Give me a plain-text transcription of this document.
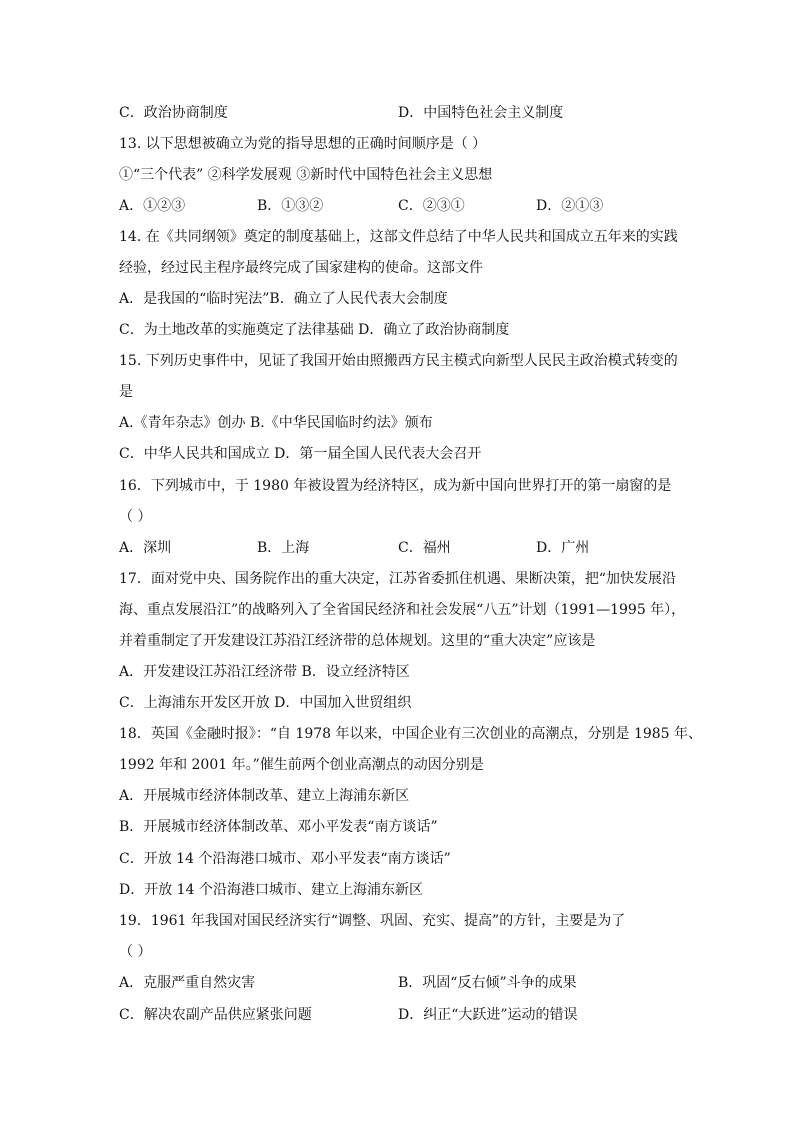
C．政治协商制度	D．中国特色社会主义制度
13. 以下思想被确立为党的指导思想的正确时间顺序是（ ）
①“三个代表” ②科学发展观 ③新时代中国特色社会主义思想
A．①②③	B．①③②	C．②③①	D．②①③
14. 在《共同纲领》奠定的制度基础上，这部文件总结了中华人民共和国成立五年来的实践
经验，经过民主程序最终完成了国家建构的使命。这部文件
A．是我国的“临时宪法”B．确立了人民代表大会制度
C．为土地改革的实施奠定了法律基础 D．确立了政治协商制度
15. 下列历史事件中，见证了我国开始由照搬西方民主模式向新型人民民主政治模式转变的
是
A.《青年杂志》创办 B.《中华民国临时约法》颁布
C．中华人民共和国成立 D．第一届全国人民代表大会召开
16．下列城市中，于 1980 年被设置为经济特区，成为新中国向世界打开的第一扇窗的是
（ ）
A．深圳	B．上海	C．福州	D．广州
17．面对党中央、国务院作出的重大决定，江苏省委抓住机遇、果断决策，把“加快发展沿
海、重点发展沿江”的战略列入了全省国民经济和社会发展“八五”计划（1991—1995 年），
并着重制定了开发建设江苏沿江经济带的总体规划。这里的“重大决定”应该是
A．开发建设江苏沿江经济带 B．设立经济特区
C．上海浦东开发区开放 D．中国加入世贸组织
18．英国《金融时报》：“自 1978 年以来，中国企业有三次创业的高潮点，分别是 1985 年、
1992 年和 2001 年。”催生前两个创业高潮点的动因分别是
A．开展城市经济体制改革、建立上海浦东新区
B．开展城市经济体制改革、邓小平发表“南方谈话”
C．开放 14 个沿海港口城市、邓小平发表“南方谈话”
D．开放 14 个沿海港口城市、建立上海浦东新区
19．1961 年我国对国民经济实行“调整、巩固、充实、提高”的方针，主要是为了
（ ）
A．克服严重自然灾害	B．巩固“反右倾”斗争的成果
C．解决农副产品供应紧张问题	D．纠正“大跃进”运动的错误
